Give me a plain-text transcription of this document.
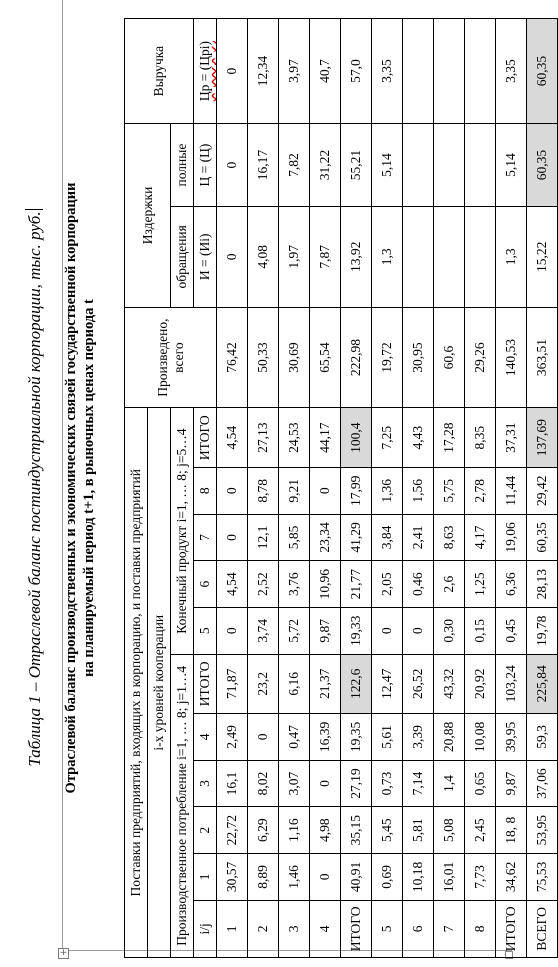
+
Таблица 1 – Отраслевой баланс постиндустриальной корпорации, тыс. руб.	Отраслевой баланс производственных и экономических связей государственной корпорации на планируемый период t+1, в рыночных ценах периода t Поставки предприятий, входящих в корпорацию, и поставки предприятий											Произведено, всего	Издержки		Выручка
i-х уровней кооперации														
Производственное потребление i=1, … 8; j=1…4						Конечный продукт i=1, … 8; j=5…4						обращения	полные	
i/j	1	2	3	4	ИТОГО	5	6	7	8	ИТОГО		И = (Иi)	Ц = (Ц)	Цр = (Црi)
1	30,57	22,72	16,1	2,49	71,87	0	4,54	0	0	4,54	76,42	0	0	0
2	8,89	6,29	8,02	0	23,2	3,74	2,52	12,1	8,78	27,13	50,33	4,08	16,17	12,34
3	1,46	1,16	3,07	0,47	6,16	5,72	3,76	5,85	9,21	24,53	30,69	1,97	7,82	3,97
4	0	4,98	0	16,39	21,37	9,87	10,96	23,34	0	44,17	65,54	7,87	31,22	40,7
ИТОГО	40,91	35,15	27,19	19,35	122,6	19,33	21,77	41,29	17,99	100,4	222,98	13,92	55,21	57,0
5	0,69	5,45	0,73	5,61	12,47	0	2,05	3,84	1,36	7,25	19,72	1,3	5,14	3,35
6	10,18	5,81	7,14	3,39	26,52	0	0,46	2,41	1,56	4,43	30,95			
7	16,01	5,08	1,4	20,88	43,32	0,30	2,6	8,63	5,75	17,28	60,6			
8	7,73	2,45	0,65	10,08	20,92	0,15	1,25	4,17	2,78	8,35	29,26			
ИТОГО	34,62	18, 8	9,87	39,95	103,24	0,45	6,36	19,06	11,44	37,31	140,53	1,3	5,14	3,35
ВСЕГО	75,53	53,95	37,06	59,3	225,84	19,78	28,13	60,35	29,42	137,69	363,51	15,22	60,35	60,35
